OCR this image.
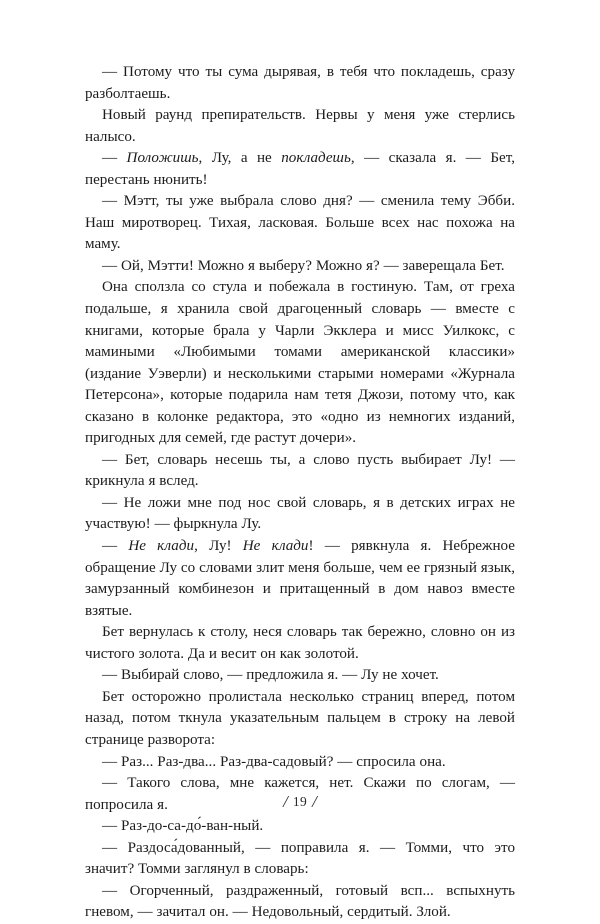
— Потому что ты сума дырявая, в тебя что покладешь, сразу разболтаешь.

Новый раунд препирательств. Нервы у меня уже стерлись налысо.

— Положишь, Лу, а не покладешь, — сказала я. — Бет, перестань нюнить!

— Мэтт, ты уже выбрала слово дня? — сменила тему Эбби. Наш миротворец. Тихая, ласковая. Больше всех нас похожа на маму.

— Ой, Мэтти! Можно я выберу? Можно я? — заверещала Бет.

Она сползла со стула и побежала в гостиную. Там, от греха подальше, я хранила свой драгоценный словарь — вместе с книгами, которые брала у Чарли Экклера и мисс Уилкокс, с мамиными «Любимыми томами американской классики» (издание Уэверли) и несколькими старыми номерами «Журнала Петерсона», которые подарила нам тетя Джози, потому что, как сказано в колонке редактора, это «одно из немногих изданий, пригодных для семей, где растут дочери».

— Бет, словарь несешь ты, а слово пусть выбирает Лу! — крикнула я вслед.

— Не ложи мне под нос свой словарь, я в детских играх не участвую! — фыркнула Лу.

— Не клади, Лу! Не клади! — рявкнула я. Небрежное обращение Лу со словами злит меня больше, чем ее грязный язык, замурзанный комбинезон и притащенный в дом навоз вместе взятые.

Бет вернулась к столу, неся словарь так бережно, словно он из чистого золота. Да и весит он как золотой.

— Выбирай слово, — предложила я. — Лу не хочет.

Бет осторожно пролистала несколько страниц вперед, потом назад, потом ткнула указательным пальцем в строку на левой странице разворота:

— Раз... Раз-два... Раз-два-садовый? — спросила она.

— Такого слова, мне кажется, нет. Скажи по слогам, — попросила я.

— Раз-до-са-до́-ван-ный.

— Раздоса́дованный, — поправила я. — Томми, что это значит? Томми заглянул в словарь:

— Огорченный, раздраженный, готовый всп... вспыхнуть гневом, — зачитал он. — Недовольный, сердитый. Злой.

/ 19 /
